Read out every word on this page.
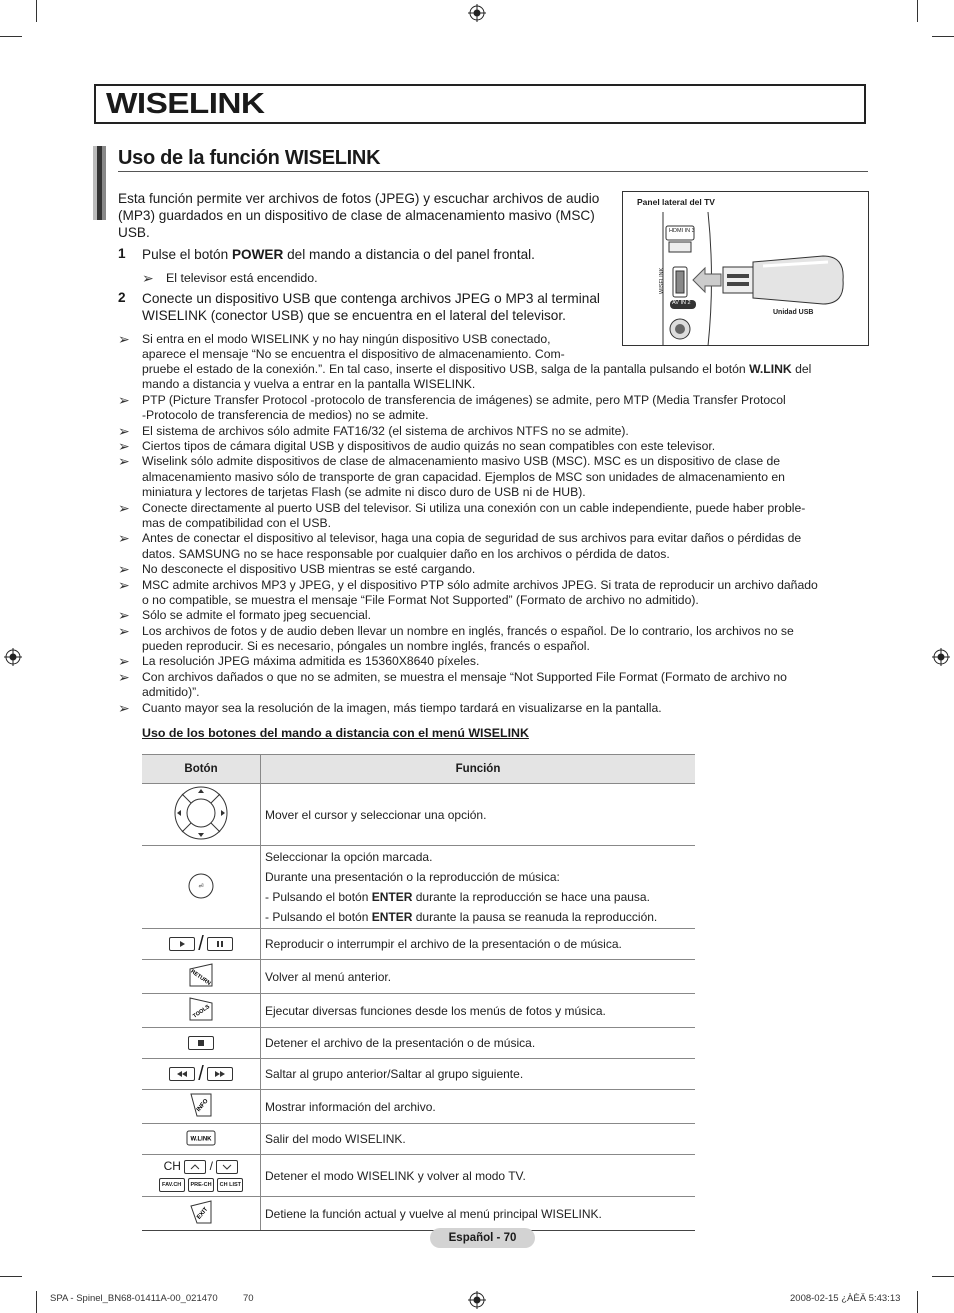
WISELINK
Uso de la función WISELINK
Esta función permite ver archivos de fotos (JPEG) y escuchar archivos de audio (MP3) guardados en un dispositivo de clase de almacenamiento masivo (MSC) USB.
1 Pulse el botón POWER del mando a distancia o del panel frontal.
➢ El televisor está encendido.
2 Conecte un dispositivo USB que contenga archivos JPEG o MP3 al terminal WISELINK (conector USB) que se encuentra en el lateral del televisor.
Panel lateral del TV
HDMI IN 3
WISELINK
AV IN 2
Unidad USB
➢ Si entra en el modo WISELINK y no hay ningún dispositivo USB conectado,
aparece el mensaje “No se encuentra el dispositivo de almacenamiento. Com-
pruebe el estado de la conexión.”. En tal caso, inserte el dispositivo USB, salga de la pantalla pulsando el botón W.LINK del
mando a distancia y vuelva a entrar en la pantalla WISELINK.
➢ PTP (Picture Transfer Protocol -protocolo de transferencia de imágenes) se admite, pero MTP (Media Transfer Protocol
-Protocolo de transferencia de medios) no se admite.
➢ El sistema de archivos sólo admite FAT16/32 (el sistema de archivos NTFS no se admite).
➢ Ciertos tipos de cámara digital USB y dispositivos de audio quizás no sean compatibles con este televisor.
➢ Wiselink sólo admite dispositivos de clase de almacenamiento masivo USB (MSC). MSC es un dispositivo de clase de
almacenamiento masivo sólo de transporte de gran capacidad. Ejemplos de MSC son unidades de almacenamiento en
miniatura y lectores de tarjetas Flash (se admite ni disco duro de USB ni de HUB).
➢ Conecte directamente al puerto USB del televisor. Si utiliza una conexión con un cable independiente, puede haber proble-
mas de compatibilidad con el USB.
➢ Antes de conectar el dispositivo al televisor, haga una copia de seguridad de sus archivos para evitar daños o pérdidas de
datos. SAMSUNG no se hace responsable por cualquier daño en los archivos o pérdida de datos.
➢ No desconecte el dispositivo USB mientras se esté cargando.
➢ MSC admite archivos MP3 y JPEG, y el dispositivo PTP sólo admite archivos JPEG. Si trata de reproducir un archivo dañado
o no compatible, se muestra el mensaje “File Format Not Supported” (Formato de archivo no admitido).
➢ Sólo se admite el formato jpeg secuencial.
➢ Los archivos de fotos y de audio deben llevar un nombre en inglés, francés o español. De lo contrario, los archivos no se
pueden reproducir. Si es necesario, póngales un nombre inglés, francés o español.
➢ La resolución JPEG máxima admitida es 15360X8640 píxeles.
➢ Con archivos dañados o que no se admiten, se muestra el mensaje “Not Supported File Format (Formato de archivo no
admitido)”.
➢ Cuanto mayor sea la resolución de la imagen, más tiempo tardará en visualizarse en la pantalla.
Uso de los botones del mando a distancia con el menú WISELINK
Botón	Función
	Mover el cursor y seleccionar una opción.

⏎	Seleccionar la opción marcada.
Durante una presentación o la reproducción de música:
- Pulsando el botón ENTER durante la reproducción se hace una pausa.
- Pulsando el botón ENTER durante la pausa se reanuda la reproducción.

/	Reproducir o interrumpir el archivo de la presentación o de música.

RETURN	Volver al menú anterior.

TOOLS	Ejecutar diversas funciones desde los menús de fotos y música.
	Detener el archivo de la presentación o de música.
/	Saltar al grupo anterior/Saltar al grupo siguiente.

INFO	Mostrar información del archivo.

W.LINK	Salir del modo WISELINK.

CH  /
FAV.CH PRE-CH CH LIST	Detener el modo WISELINK y volver al modo TV.

EXIT	Detiene la función actual y vuelve al menú principal WISELINK.
Español - 70
SPA - Spinel_BN68-01411A-00_021470	70	2008-02-15 ¿ÀÈÄ 5:43:13
